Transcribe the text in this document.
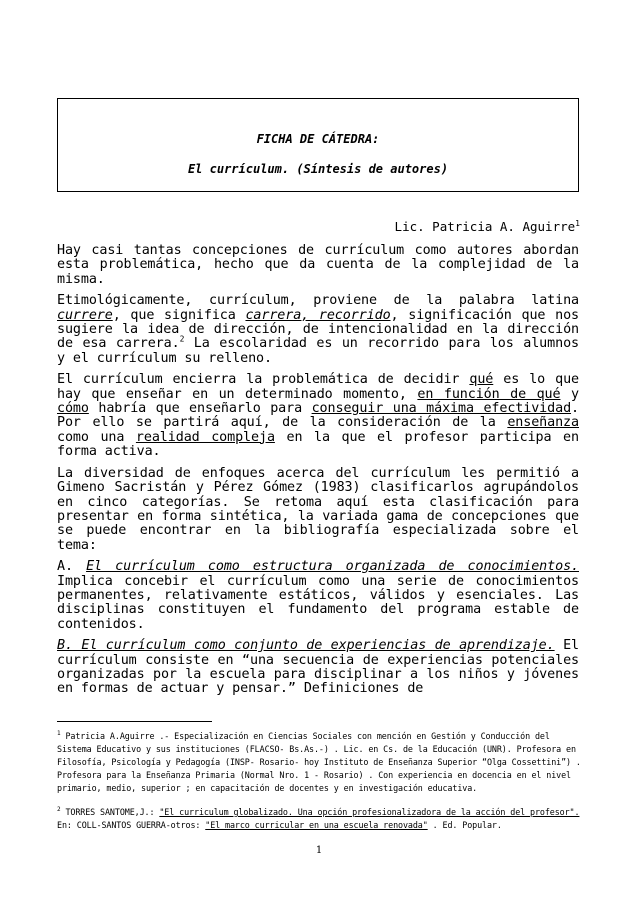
FICHA DE CÁTEDRA:
El currículum. (Síntesis de autores)
Lic. Patricia A. Aguirre$^1$

Hay casi tantas concepciones de currículum como autores abordan esta problemática, hecho que da cuenta de la complejidad de la misma.

Etimológicamente, currículum, proviene de la palabra latina currere, que significa carrera, recorrido, significación que nos sugiere la idea de dirección, de intencionalidad en la dirección de esa carrera.$^2$ La escolaridad es un recorrido para los alumnos y el currículum su relleno.

El currículum encierra la problemática de decidir qué es lo que hay que enseñar en un determinado momento, en función de qué y cómo habría que enseñarlo para conseguir una máxima efectividad. Por ello se partirá aquí, de la consideración de la enseñanza como una realidad compleja en la que el profesor participa en forma activa.

La diversidad de enfoques acerca del currículum les permitió a Gimeno Sacristán y Pérez Gómez (1983) clasificarlos agrupándolos en cinco categorías. Se retoma aquí esta clasificación para presentar en forma sintética, la variada gama de concepciones que se puede encontrar en la bibliografía especializada sobre el tema:

A. El currículum como estructura organizada de conocimientos. Implica concebir el currículum como una serie de conocimientos permanentes, relativamente estáticos, válidos y esenciales. Las disciplinas constituyen el fundamento del programa estable de contenidos.

B. El currículum como conjunto de experiencias de aprendizaje. El currículum consiste en “una secuencia de experiencias potenciales organizadas por la escuela para disciplinar a los niños y jóvenes en formas de actuar y pensar.” Definiciones de

$^1$ Patricia A.Aguirre .- Especialización en Ciencias Sociales con mención en Gestión y Conducción del Sistema Educativo y sus instituciones (FLACSO- Bs.As.-) . Lic. en Cs. de la Educación (UNR). Profesora en Filosofía, Psicología y Pedagogía (INSP- Rosario- hoy Instituto de Enseñanza Superior “Olga Cossettini”) . Profesora para la Enseñanza Primaria (Normal Nro. 1 - Rosario) . Con experiencia en docencia en el nivel primario, medio, superior ; en capacitación de docentes y en investigación educativa.

$^2$ TORRES SANTOME,J.: "El curriculum globalizado. Una opción profesionalizadora de la acción del profesor". En: COLL-SANTOS GUERRA-otros: "El marco curricular en una escuela renovada" . Ed. Popular.

1
